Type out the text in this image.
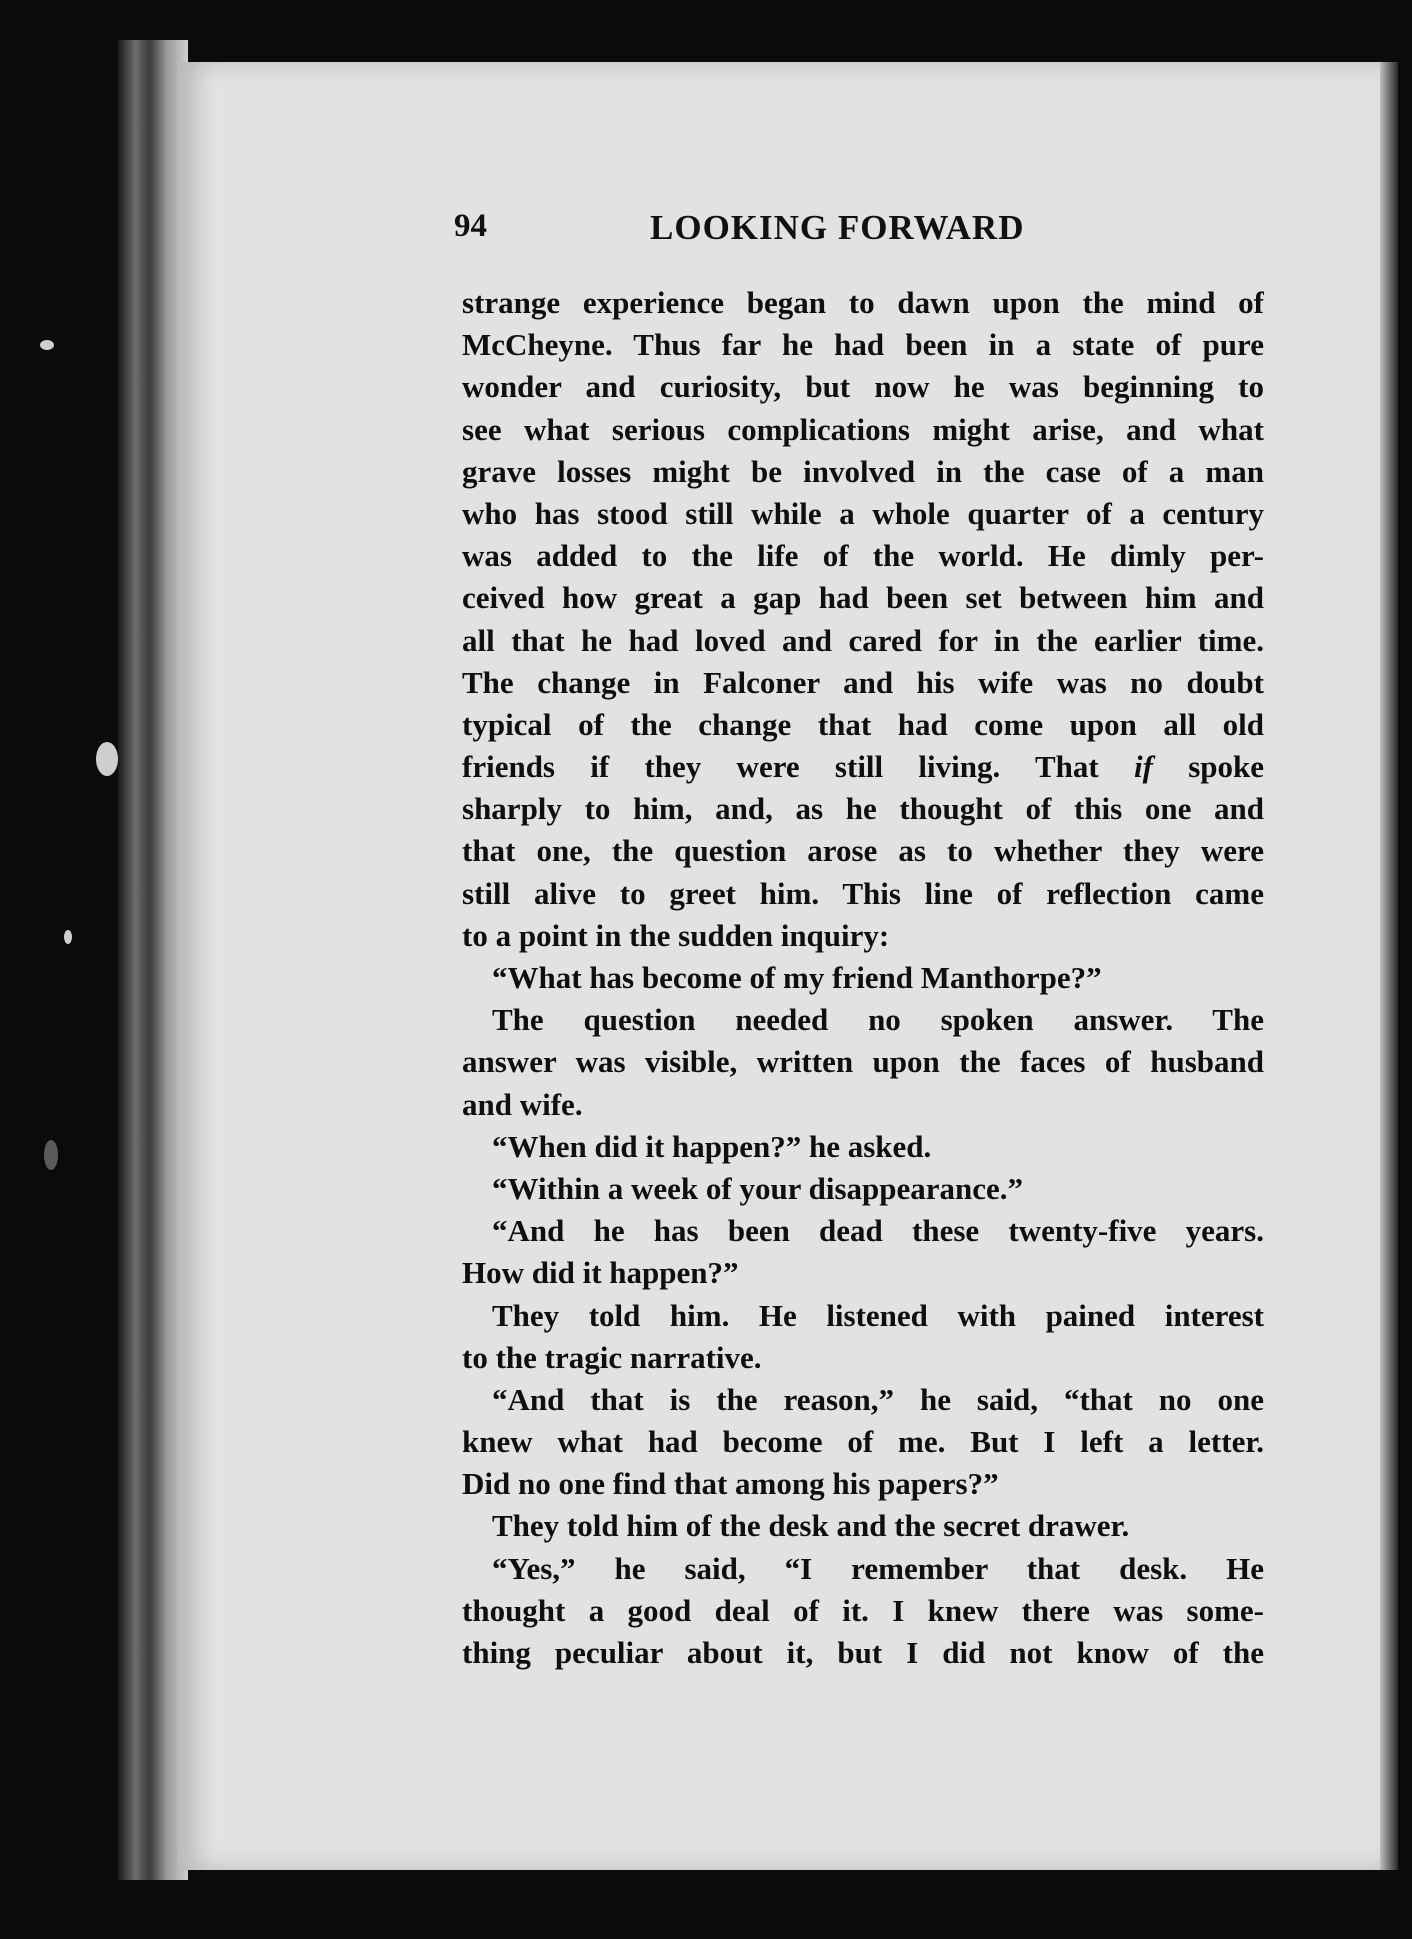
94	LOOKING FORWARD
strange experience began to dawn upon the mind of
McCheyne. Thus far he had been in a state of pure
wonder and curiosity, but now he was beginning to
see what serious complications might arise, and what
grave losses might be involved in the case of a man
who has stood still while a whole quarter of a century
was added to the life of the world. He dimly per-
ceived how great a gap had been set between him and
all that he had loved and cared for in the earlier time.
The change in Falconer and his wife was no doubt
typical of the change that had come upon all old
friends if they were still living. That if spoke
sharply to him, and, as he thought of this one and
that one, the question arose as to whether they were
still alive to greet him. This line of reflection came
to a point in the sudden inquiry:
“What has become of my friend Manthorpe?”
The question needed no spoken answer. The
answer was visible, written upon the faces of husband
and wife.
“When did it happen?” he asked.
“Within a week of your disappearance.”
“And he has been dead these twenty-five years.
How did it happen?”
They told him. He listened with pained interest
to the tragic narrative.
“And that is the reason,” he said, “that no one
knew what had become of me. But I left a letter.
Did no one find that among his papers?”
They told him of the desk and the secret drawer.
“Yes,” he said, “I remember that desk. He
thought a good deal of it. I knew there was some-
thing peculiar about it, but I did not know of the
